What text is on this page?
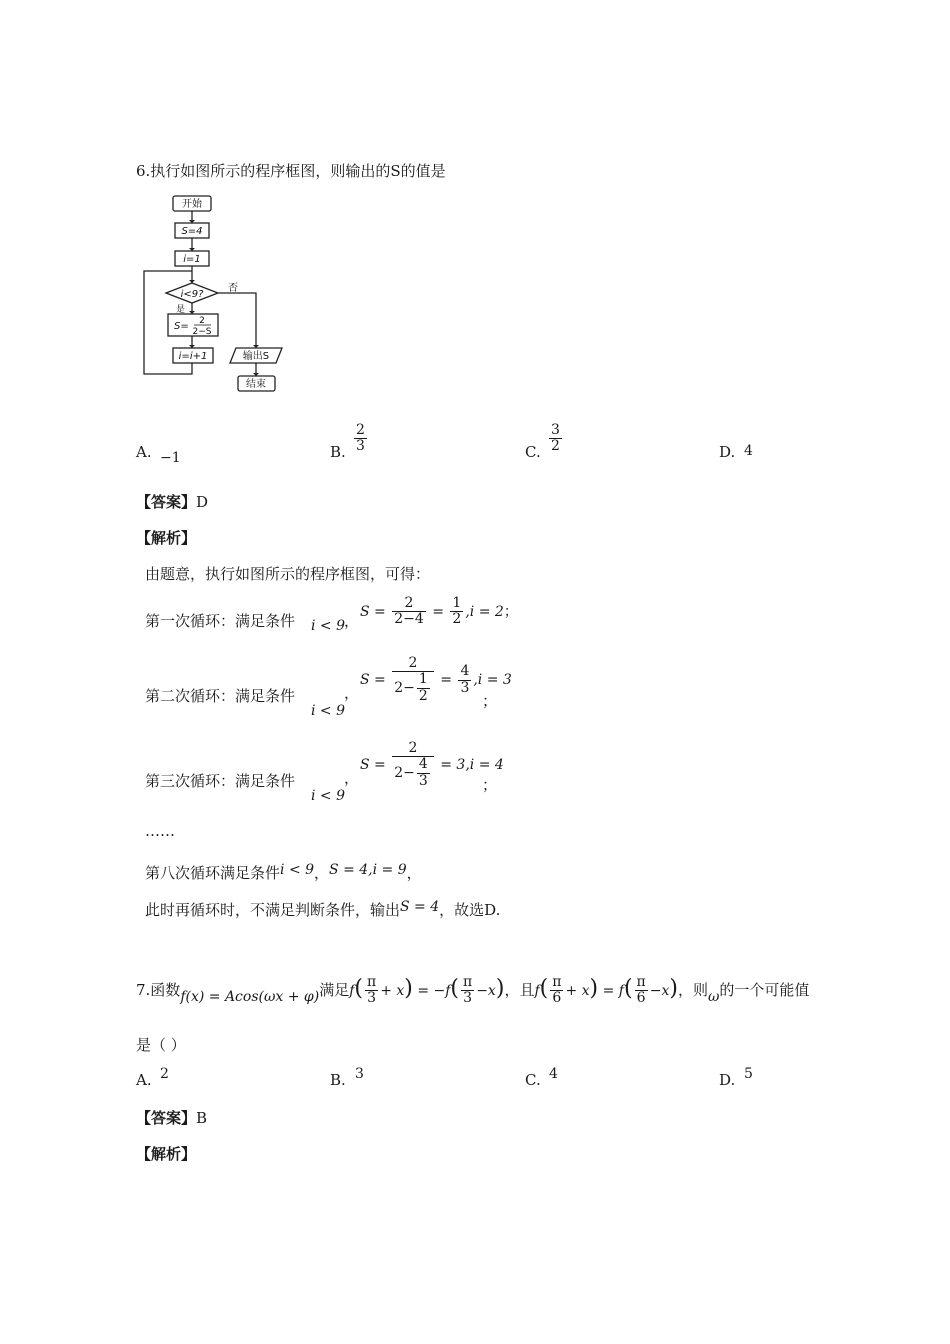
6.执行如图所示的程序框图，则输出的S的值是
开始
S=4
i=1
i<9?
否
是
S= 2
2−S
i=i+1	输出S
结束
A. −1	B. $\frac{2}{3}$	C. $\frac{3}{2}$	D. 4
【答案】D
【解析】
由题意，执行如图所示的程序框图，可得：
第一次循环：满足条件 i < 9
，
$S = \frac{2}{2-4} = \frac{1}{2} ,i = 2$；
第二次循环：满足条件	，
i < 9
$S = \frac{2}{2- \frac{1}{2}} = \frac{4}{3} ,i = 3$
；
第三次循环：满足条件	，
i < 9
$S = \frac{2}{2- \frac{4}{3}} = 3,i = 4$
；
……
第八次循环满足条件i < 9，S = 4,i = 9，
此时再循环时，不满足判断条件，输出S = 4，故选D.
7.函数f(x) = Acos(ωx + φ)满足$f( \frac{\pi}{3} + x) = -f( \frac{\pi}{3} -x)$，且$f( \frac{\pi}{6} + x) = f( \frac{\pi}{6} -x)$，则ω的一个可能值
是（ ）
A. 2	B. 3	C. 4	D. 5
【答案】B
【解析】
